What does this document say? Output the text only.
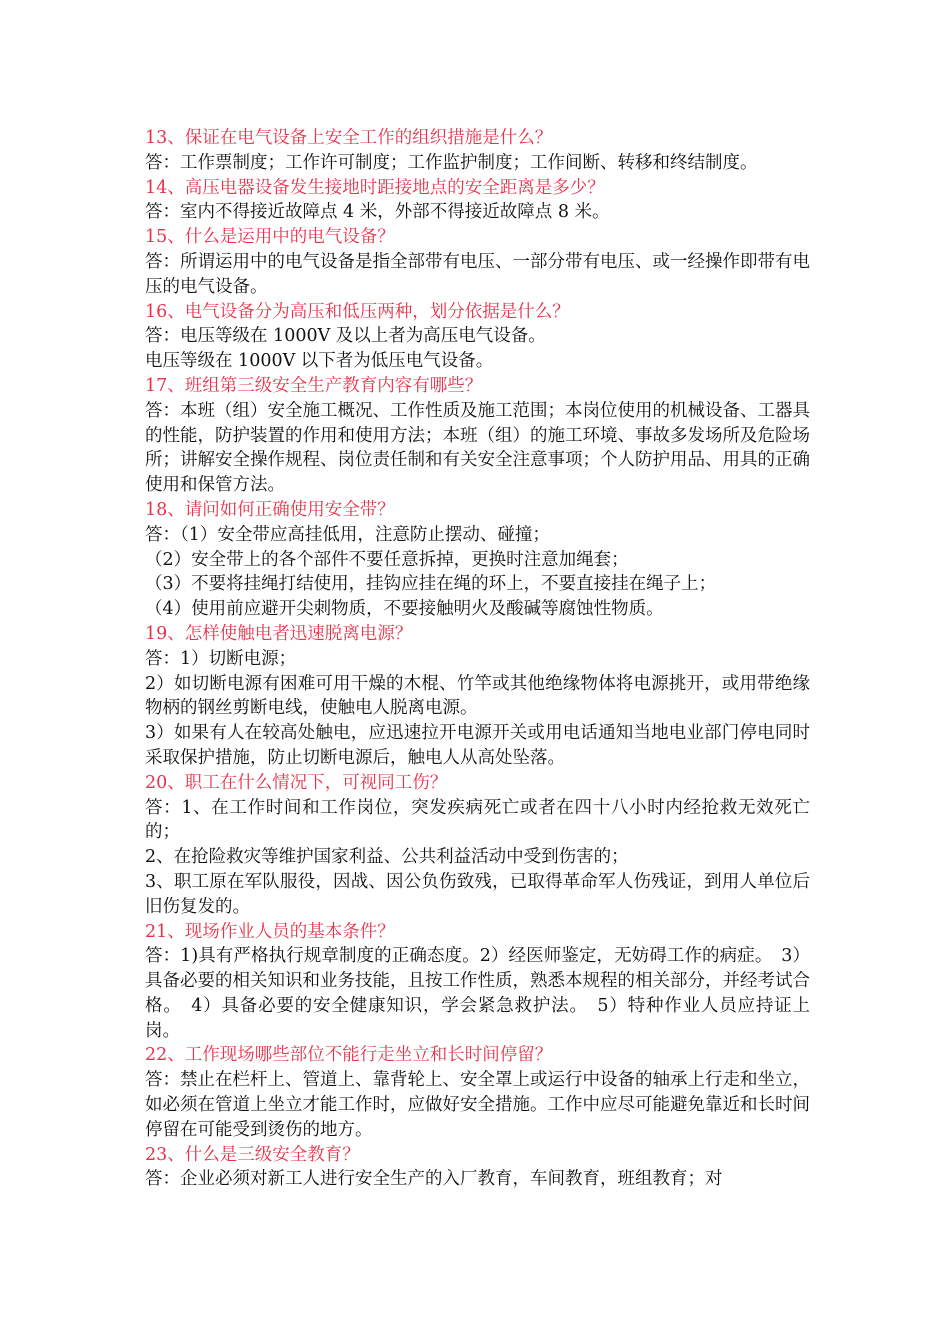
13、保证在电气设备上安全工作的组织措施是什么？

答：工作票制度；工作许可制度；工作监护制度；工作间断、转移和终结制度。

14、高压电器设备发生接地时距接地点的安全距离是多少？

答：室内不得接近故障点 4 米，外部不得接近故障点 8 米。

15、什么是运用中的电气设备？

答：所谓运用中的电气设备是指全部带有电压、一部分带有电压、或一经操作即带有电压的电气设备。

16、电气设备分为高压和低压两种，划分依据是什么？

答：电压等级在 1000V 及以上者为高压电气设备。

电压等级在 1000V 以下者为低压电气设备。

17、班组第三级安全生产教育内容有哪些？

答：本班（组）安全施工概况、工作性质及施工范围；本岗位使用的机械设备、工器具的性能，防护装置的作用和使用方法；本班（组）的施工环境、事故多发场所及危险场所；讲解安全操作规程、岗位责任制和有关安全注意事项；个人防护用品、用具的正确使用和保管方法。

18、请问如何正确使用安全带？

答：（1）安全带应高挂低用，注意防止摆动、碰撞；

（2）安全带上的各个部件不要任意拆掉，更换时注意加绳套；

（3）不要将挂绳打结使用，挂钩应挂在绳的环上，不要直接挂在绳子上；

（4）使用前应避开尖刺物质，不要接触明火及酸碱等腐蚀性物质。

19、怎样使触电者迅速脱离电源？

答：1）切断电源；

2）如切断电源有困难可用干燥的木棍、竹竿或其他绝缘物体将电源挑开，或用带绝缘物柄的钢丝剪断电线，使触电人脱离电源。

3）如果有人在较高处触电，应迅速拉开电源开关或用电话通知当地电业部门停电同时采取保护措施，防止切断电源后，触电人从高处坠落。

20、职工在什么情况下，可视同工伤？

答：1、在工作时间和工作岗位，突发疾病死亡或者在四十八小时内经抢救无效死亡的；

2、在抢险救灾等维护国家利益、公共利益活动中受到伤害的；

3、职工原在军队服役，因战、因公负伤致残，已取得革命军人伤残证，到用人单位后旧伤复发的。

21、现场作业人员的基本条件？

答：1)具有严格执行规章制度的正确态度。2）经医师鉴定，无妨碍工作的病症。　3）具备必要的相关知识和业务技能，且按工作性质，熟悉本规程的相关部分，并经考试合格。　4）具备必要的安全健康知识，学会紧急救护法。　5）特种作业人员应持证上岗。

22、工作现场哪些部位不能行走坐立和长时间停留？

答：禁止在栏杆上、管道上、靠背轮上、安全罩上或运行中设备的轴承上行走和坐立，如必须在管道上坐立才能工作时，应做好安全措施。工作中应尽可能避免靠近和长时间停留在可能受到烫伤的地方。

23、什么是三级安全教育？

答：企业必须对新工人进行安全生产的入厂教育，车间教育，班组教育；对
